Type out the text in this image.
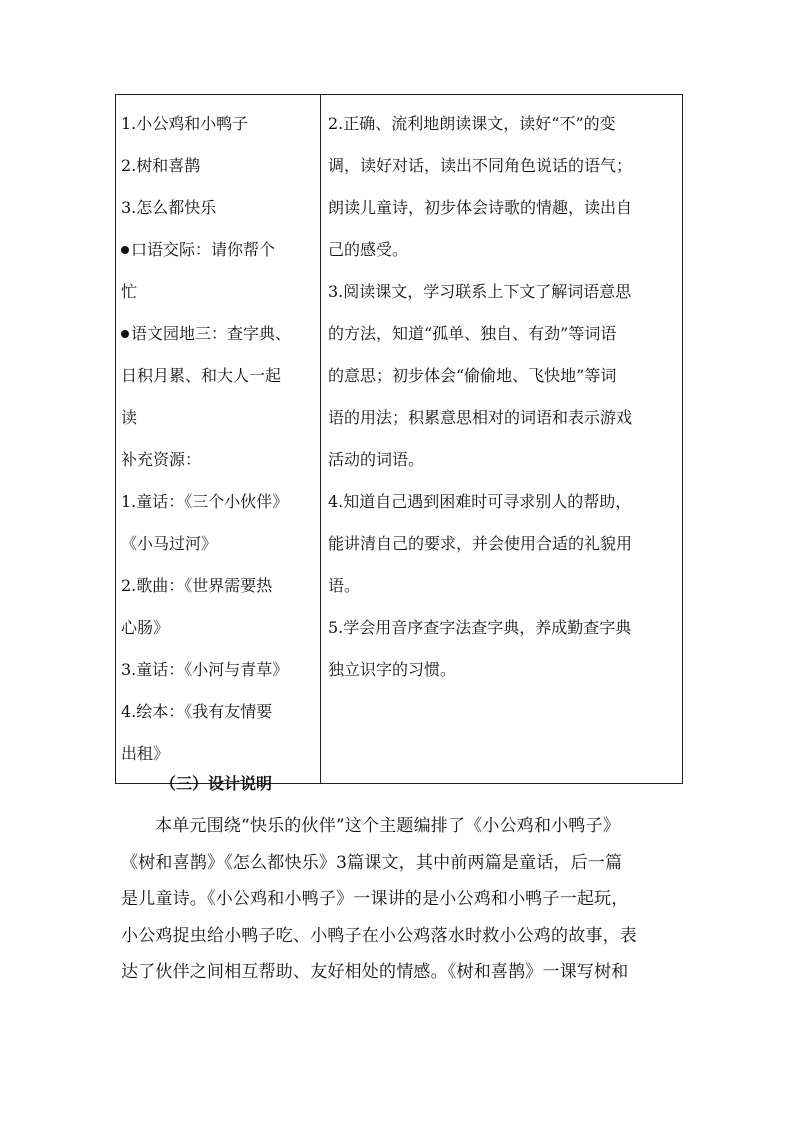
1.小公鸡和小鸭子
2.树和喜鹊
3.怎么都快乐
口语交际：请你帮个
忙
语文园地三：查字典、
日积月累、和大人一起
读
补充资源：
1.童话：《三个小伙伴》
《小马过河》
2.歌曲：《世界需要热
心肠》
3.童话：《小河与青草》
4.绘本：《我有友情要
出租》

2.正确、流利地朗读课文，读好“不”的变
调，读好对话，读出不同角色说话的语气；
朗读儿童诗，初步体会诗歌的情趣，读出自
己的感受。
3.阅读课文，学习联系上下文了解词语意思
的方法，知道“孤单、独自、有劲”等词语
的意思；初步体会“偷偷地、飞快地”等词
语的用法；积累意思相对的词语和表示游戏
活动的词语。
4.知道自己遇到困难时可寻求别人的帮助，
能讲清自己的要求，并会使用合适的礼貌用
语。
5.学会用音序查字法查字典，养成勤查字典
独立识字的习惯。
（三）设计说明
本单元围绕“快乐的伙伴”这个主题编排了《小公鸡和小鸭子》
《树和喜鹊》《怎么都快乐》3篇课文，其中前两篇是童话，后一篇
是儿童诗。《小公鸡和小鸭子》一课讲的是小公鸡和小鸭子一起玩，
小公鸡捉虫给小鸭子吃、小鸭子在小公鸡落水时救小公鸡的故事，表
达了伙伴之间相互帮助、友好相处的情感。《树和喜鹊》一课写树和
